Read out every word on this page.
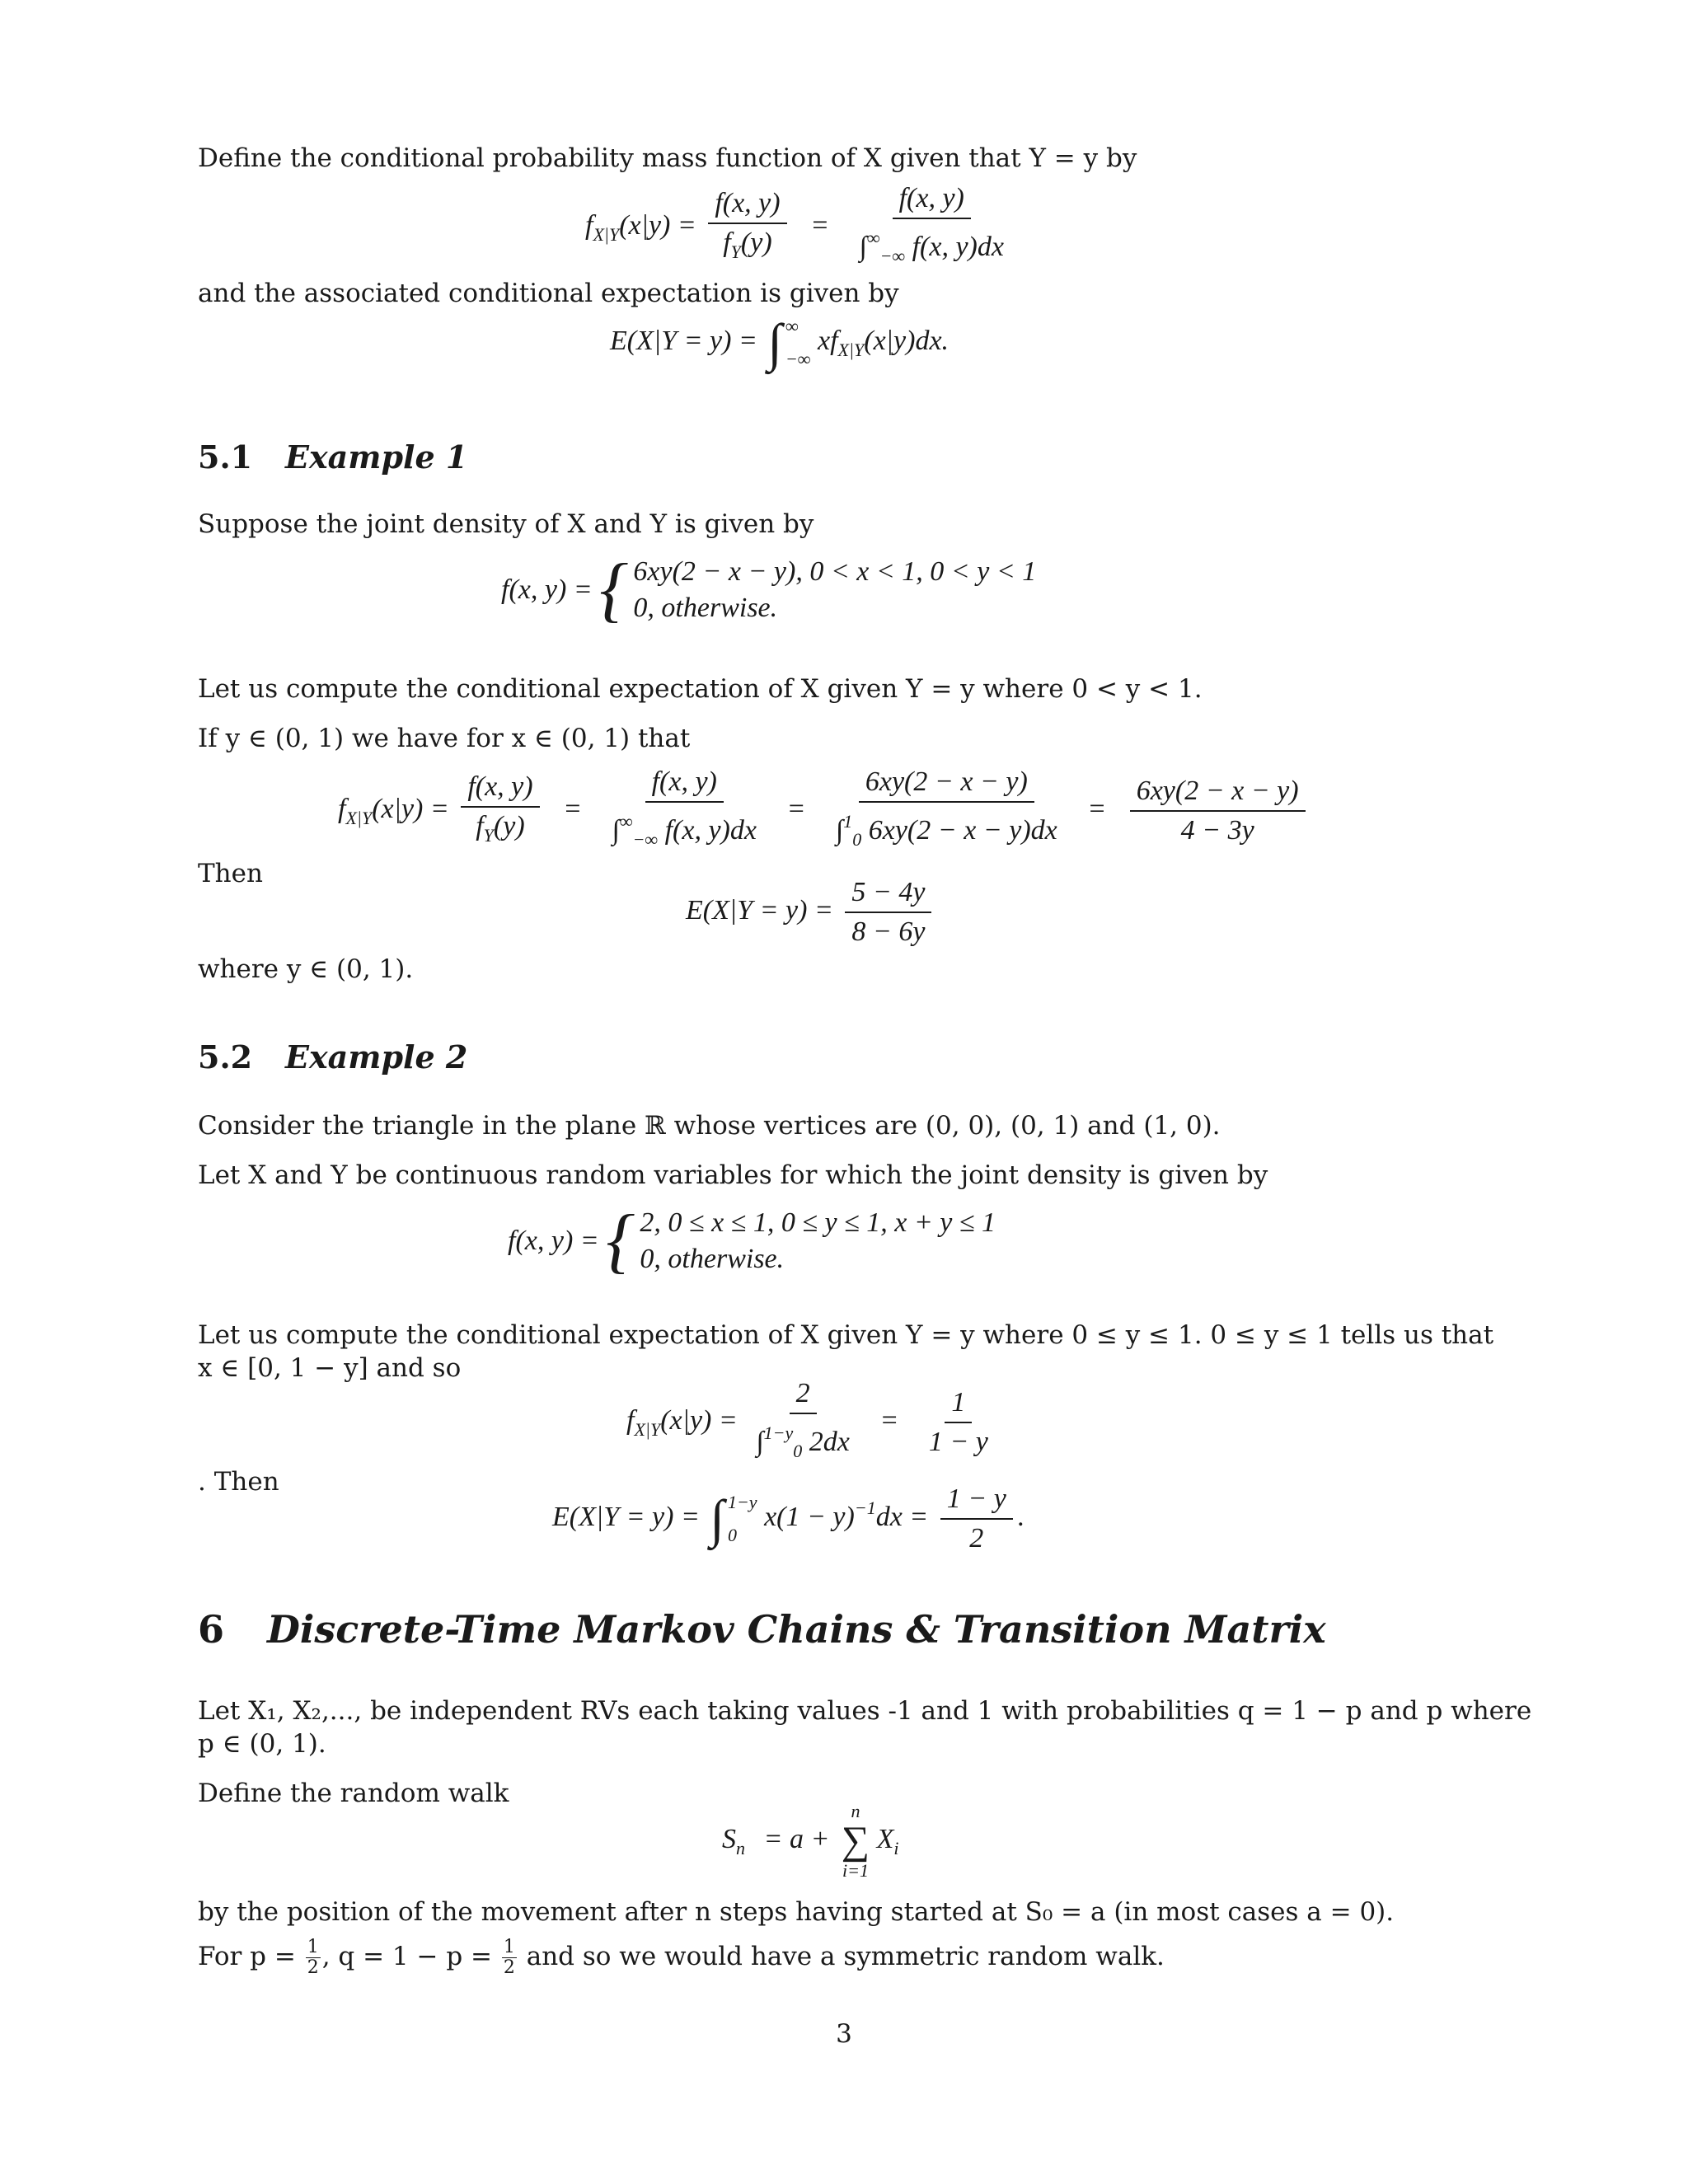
Define the conditional probability mass function of X given that Y = y by
$f_{X|Y}(x|y) = \frac{f(x, y)}{f_Y(y)} = \frac{f(x, y)}{\int^\infty_{-\infty} f(x, y)dx}$
and the associated conditional expectation is given by
E(X|Y = y) = ∫ ∞
−∞
$xf_{X|Y}(x|y)dx$.
5.1 Example 1
Suppose the joint density of X and Y is given by
f(x, y) = { 6xy(2 − x − y), 0 < x < 1, 0 < y < 1
0, otherwise.
Let us compute the conditional expectation of X given Y = y where 0 < y < 1.
If y ∈ (0, 1) we have for x ∈ (0, 1) that
$f_{X|Y}(x|y) = \frac{f(x, y)}{f_Y(y)} = \frac{f(x, y)}{\int^\infty_{-\infty} f(x, y)dx} = \frac{6xy(2 - x - y)}{\int^1_0 6xy(2 - x - y)dx} = \frac{6xy(2 - x - y)}{4 - 3y}$
Then
$E(X|Y = y) = \frac{5 - 4y}{8 - 6y}$
where y ∈ (0, 1).
5.2 Example 2
Consider the triangle in the plane ℝ whose vertices are (0, 0), (0, 1) and (1, 0).
Let X and Y be continuous random variables for which the joint density is given by
f(x, y) = { 2, 0 ≤ x ≤ 1, 0 ≤ y ≤ 1, x + y ≤ 1
0, otherwise.
Let us compute the conditional expectation of X given Y = y where 0 ≤ y ≤ 1. 0 ≤ y ≤ 1 tells us that
x ∈ [0, 1 − y] and so
$f_{X|Y}(x|y) = \frac{2}{\int^{1-y}_0 2dx} = \frac{1}{1 - y}$
. Then
E(X|Y = y) = ∫ 1−y
0
$x(1 - y)^{-1}dx = \frac{1 - y}{2}$ .
6 Discrete-Time Markov Chains & Transition Matrix
Let X₁, X₂,..., be independent RVs each taking values -1 and 1 with probabilities q = 1 − p and p where
p ∈ (0, 1).
Define the random walk
$S_n = a$ +
n
∑
i=1
$X_i$
by the position of the movement after n steps having started at S₀ = a (in most cases a = 0).
For $p = \frac{1}{2}$ , $q = 1 - p = \frac{1}{2}$ and so we would have a symmetric random walk.
3
